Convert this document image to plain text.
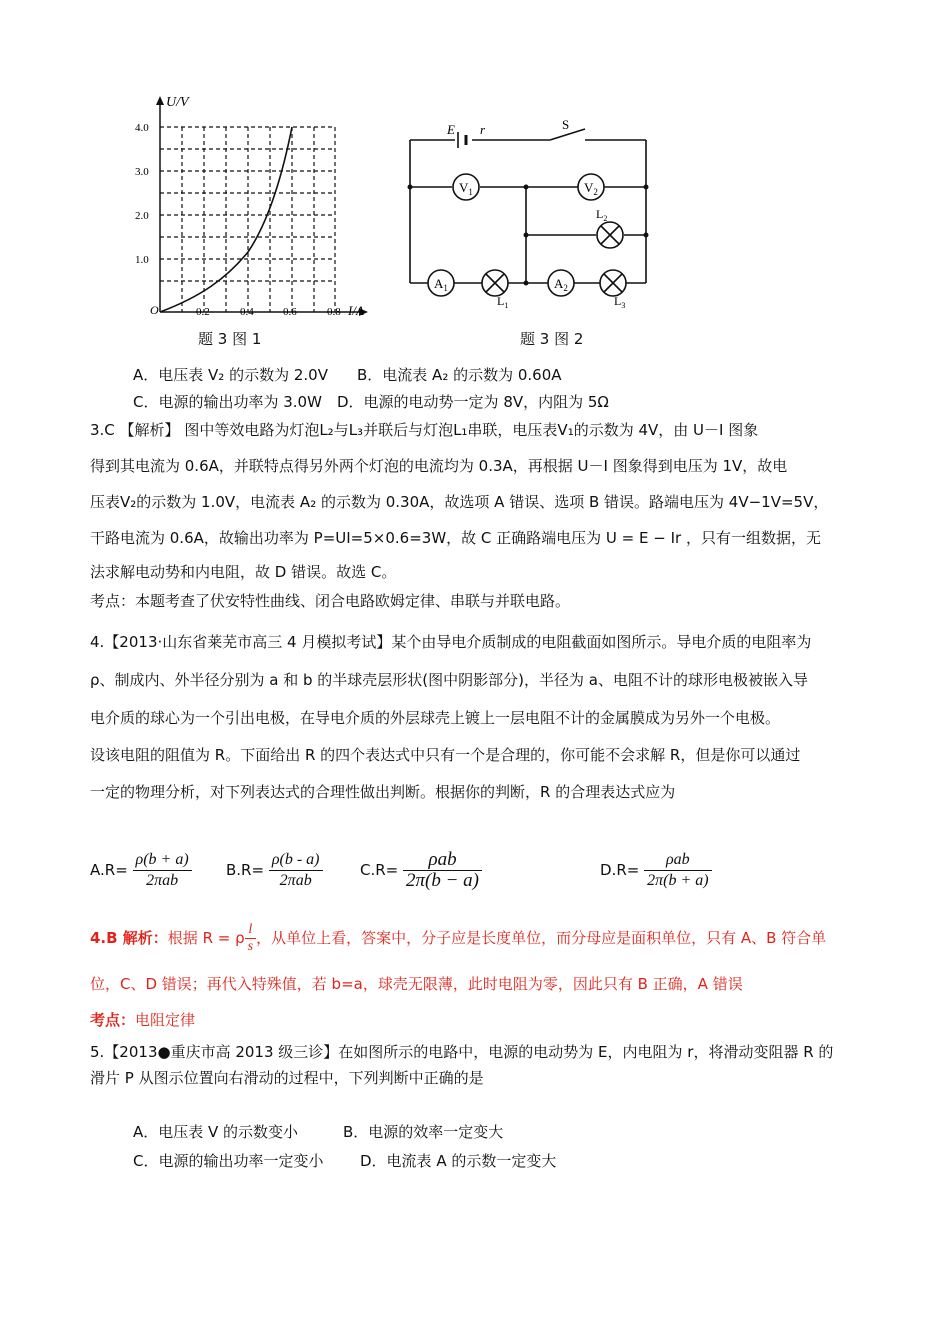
U/V
4.0
3.0
2.0
1.0
O	0.2	0.4	0.6	0.8 I/A
题 3 图 1
E r	S
$V_1$	$V_2$
$A_1$	$A_2$
$L_1$
$L_2$
$L_3$
题 3 图 2
A．电压表 V₂ 的示数为 2.0V B．电流表 A₂ 的示数为 0.60A
C．电源的输出功率为 3.0W D．电源的电动势一定为 8V，内阻为 5Ω
3.C 【解析】 图中等效电路为灯泡L₂与L₃并联后与灯泡L₁串联，电压表V₁的示数为 4V，由 U－I 图象
得到其电流为 0.6A，并联特点得另外两个灯泡的电流均为 0.3A，再根据 U－I 图象得到电压为 1V，故电
压表V₂的示数为 1.0V，电流表 A₂ 的示数为 0.30A，故选项 A 错误、选项 B 错误。路端电压为 4V−1V=5V，
干路电流为 0.6A，故输出功率为 P=UI=5×0.6=3W，故 C 正确路端电压为 U = E − Ir ，只有一组数据，无
法求解电动势和内电阻，故 D 错误。故选 C。
考点：本题考查了伏安特性曲线、闭合电路欧姆定律、串联与并联电路。
4.【2013·山东省莱芜市高三 4 月模拟考试】某个由导电介质制成的电阻截面如图所示。导电介质的电阻率为
ρ、制成内、外半径分别为 a 和 b 的半球壳层形状(图中阴影部分)，半径为 a、电阻不计的球形电极被嵌入导
电介质的球心为一个引出电极，在导电介质的外层球壳上镀上一层电阻不计的金属膜成为另外一个电极。
设该电阻的阻值为 R。下面给出 R 的四个表达式中只有一个是合理的，你可能不会求解 R，但是你可以通过
一定的物理分析，对下列表达式的合理性做出判断。根据你的判断，R 的合理表达式应为
$A.R= \frac{\rho(b + a)}{\text{2πab}} B.R= \frac{\rho(b - a)}{\text{2πab}} C.R= \frac{\text{ρab}}{2\pi(b - a)}$	$D.R= \frac{\text{ρab}}{2\pi(b + a)}$
4.B 解析：根据 R = ρ $\frac{l}{s}$ ，从单位上看，答案中，分子应是长度单位，而分母应是面积单位，只有 A、B 符合单
位，C、D 错误；再代入特殊值，若 b=a，球壳无限薄，此时电阻为零，因此只有 B 正确，A 错误
考点：电阻定律
5.【2013●重庆市高 2013 级三诊】在如图所示的电路中，电源的电动势为 E，内电阻为 r，将滑动变阻器 R 的
滑片 P 从图示位置向右滑动的过程中，下列判断中正确的是
A．电压表 V 的示数变小	B．电源的效率一定变大
C．电源的输出功率一定变小 D．电流表 A 的示数一定变大
